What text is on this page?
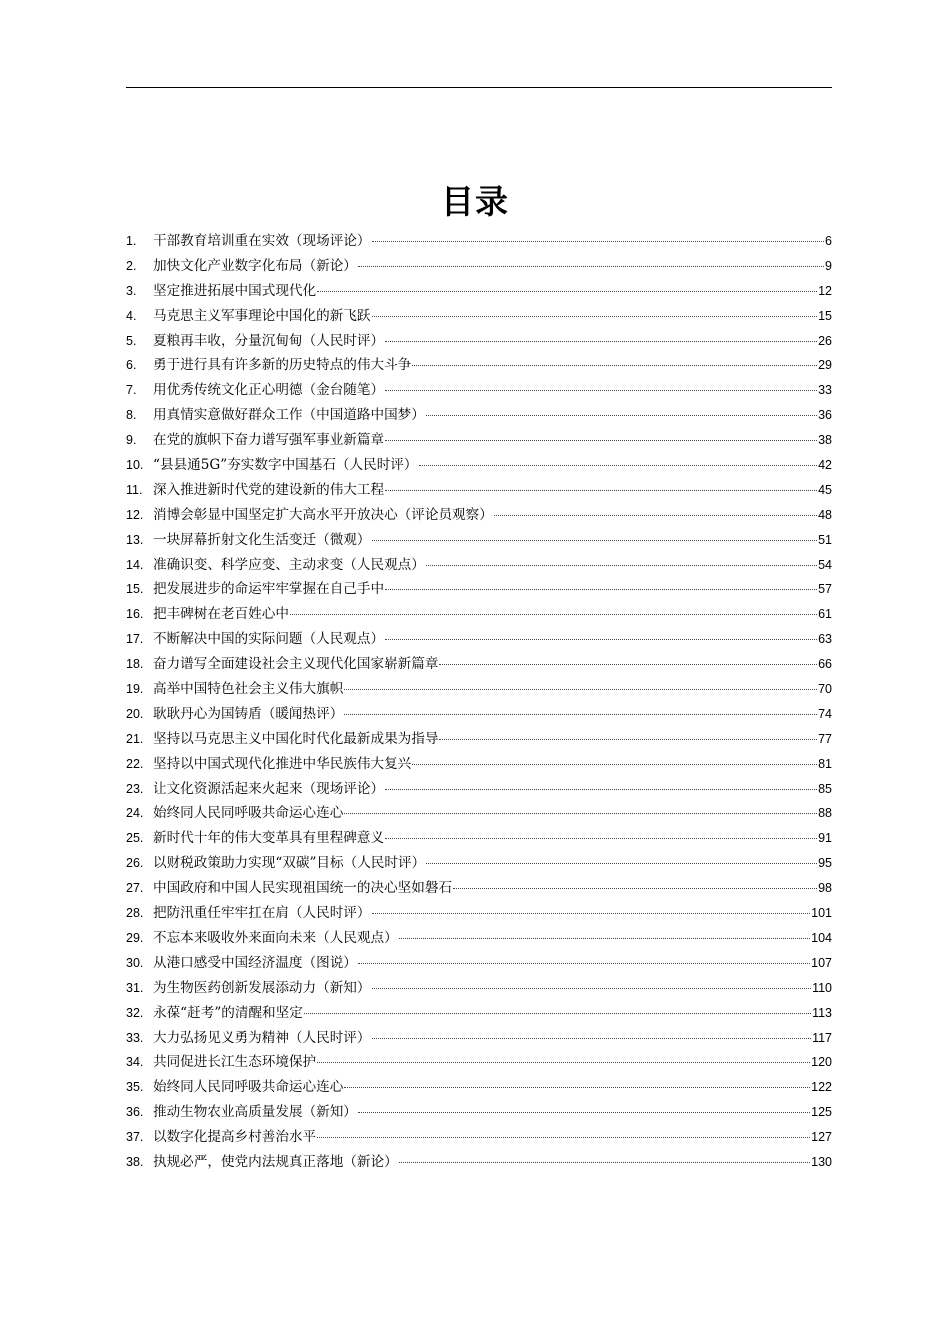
目录
1.	干部教育培训重在实效（现场评论）	6
2.	加快文化产业数字化布局（新论）	9
3.	坚定推进拓展中国式现代化	12
4.	马克思主义军事理论中国化的新飞跃	15
5.	夏粮再丰收，分量沉甸甸（人民时评）	26
6.	勇于进行具有许多新的历史特点的伟大斗争	29
7.	用优秀传统文化正心明德（金台随笔）	33
8.	用真情实意做好群众工作（中国道路中国梦）	36
9.	在党的旗帜下奋力谱写强军事业新篇章	38
10. “县县通5G”夯实数字中国基石（人民时评）	42
11. 深入推进新时代党的建设新的伟大工程	45
12. 消博会彰显中国坚定扩大高水平开放决心（评论员观察）	48
13. 一块屏幕折射文化生活变迁（微观）	51
14. 准确识变、科学应变、主动求变（人民观点）	54
15. 把发展进步的命运牢牢掌握在自己手中	57
16. 把丰碑树在老百姓心中	61
17. 不断解决中国的实际问题（人民观点）	63
18. 奋力谱写全面建设社会主义现代化国家崭新篇章	66
19. 高举中国特色社会主义伟大旗帜	70
20. 耿耿丹心为国铸盾（暖闻热评）	74
21. 坚持以马克思主义中国化时代化最新成果为指导	77
22. 坚持以中国式现代化推进中华民族伟大复兴	81
23. 让文化资源活起来火起来（现场评论）	85
24. 始终同人民同呼吸共命运心连心	88
25. 新时代十年的伟大变革具有里程碑意义	91
26. 以财税政策助力实现“双碳”目标（人民时评）	95
27. 中国政府和中国人民实现祖国统一的决心坚如磐石	98
28. 把防汛重任牢牢扛在肩（人民时评）	101
29. 不忘本来吸收外来面向未来（人民观点）	104
30. 从港口感受中国经济温度（图说）	107
31. 为生物医药创新发展添动力（新知）	110
32. 永葆“赶考”的清醒和坚定	113
33. 大力弘扬见义勇为精神（人民时评）	117
34. 共同促进长江生态环境保护	120
35. 始终同人民同呼吸共命运心连心	122
36. 推动生物农业高质量发展（新知）	125
37. 以数字化提高乡村善治水平	127
38. 执规必严，使党内法规真正落地（新论）	130
